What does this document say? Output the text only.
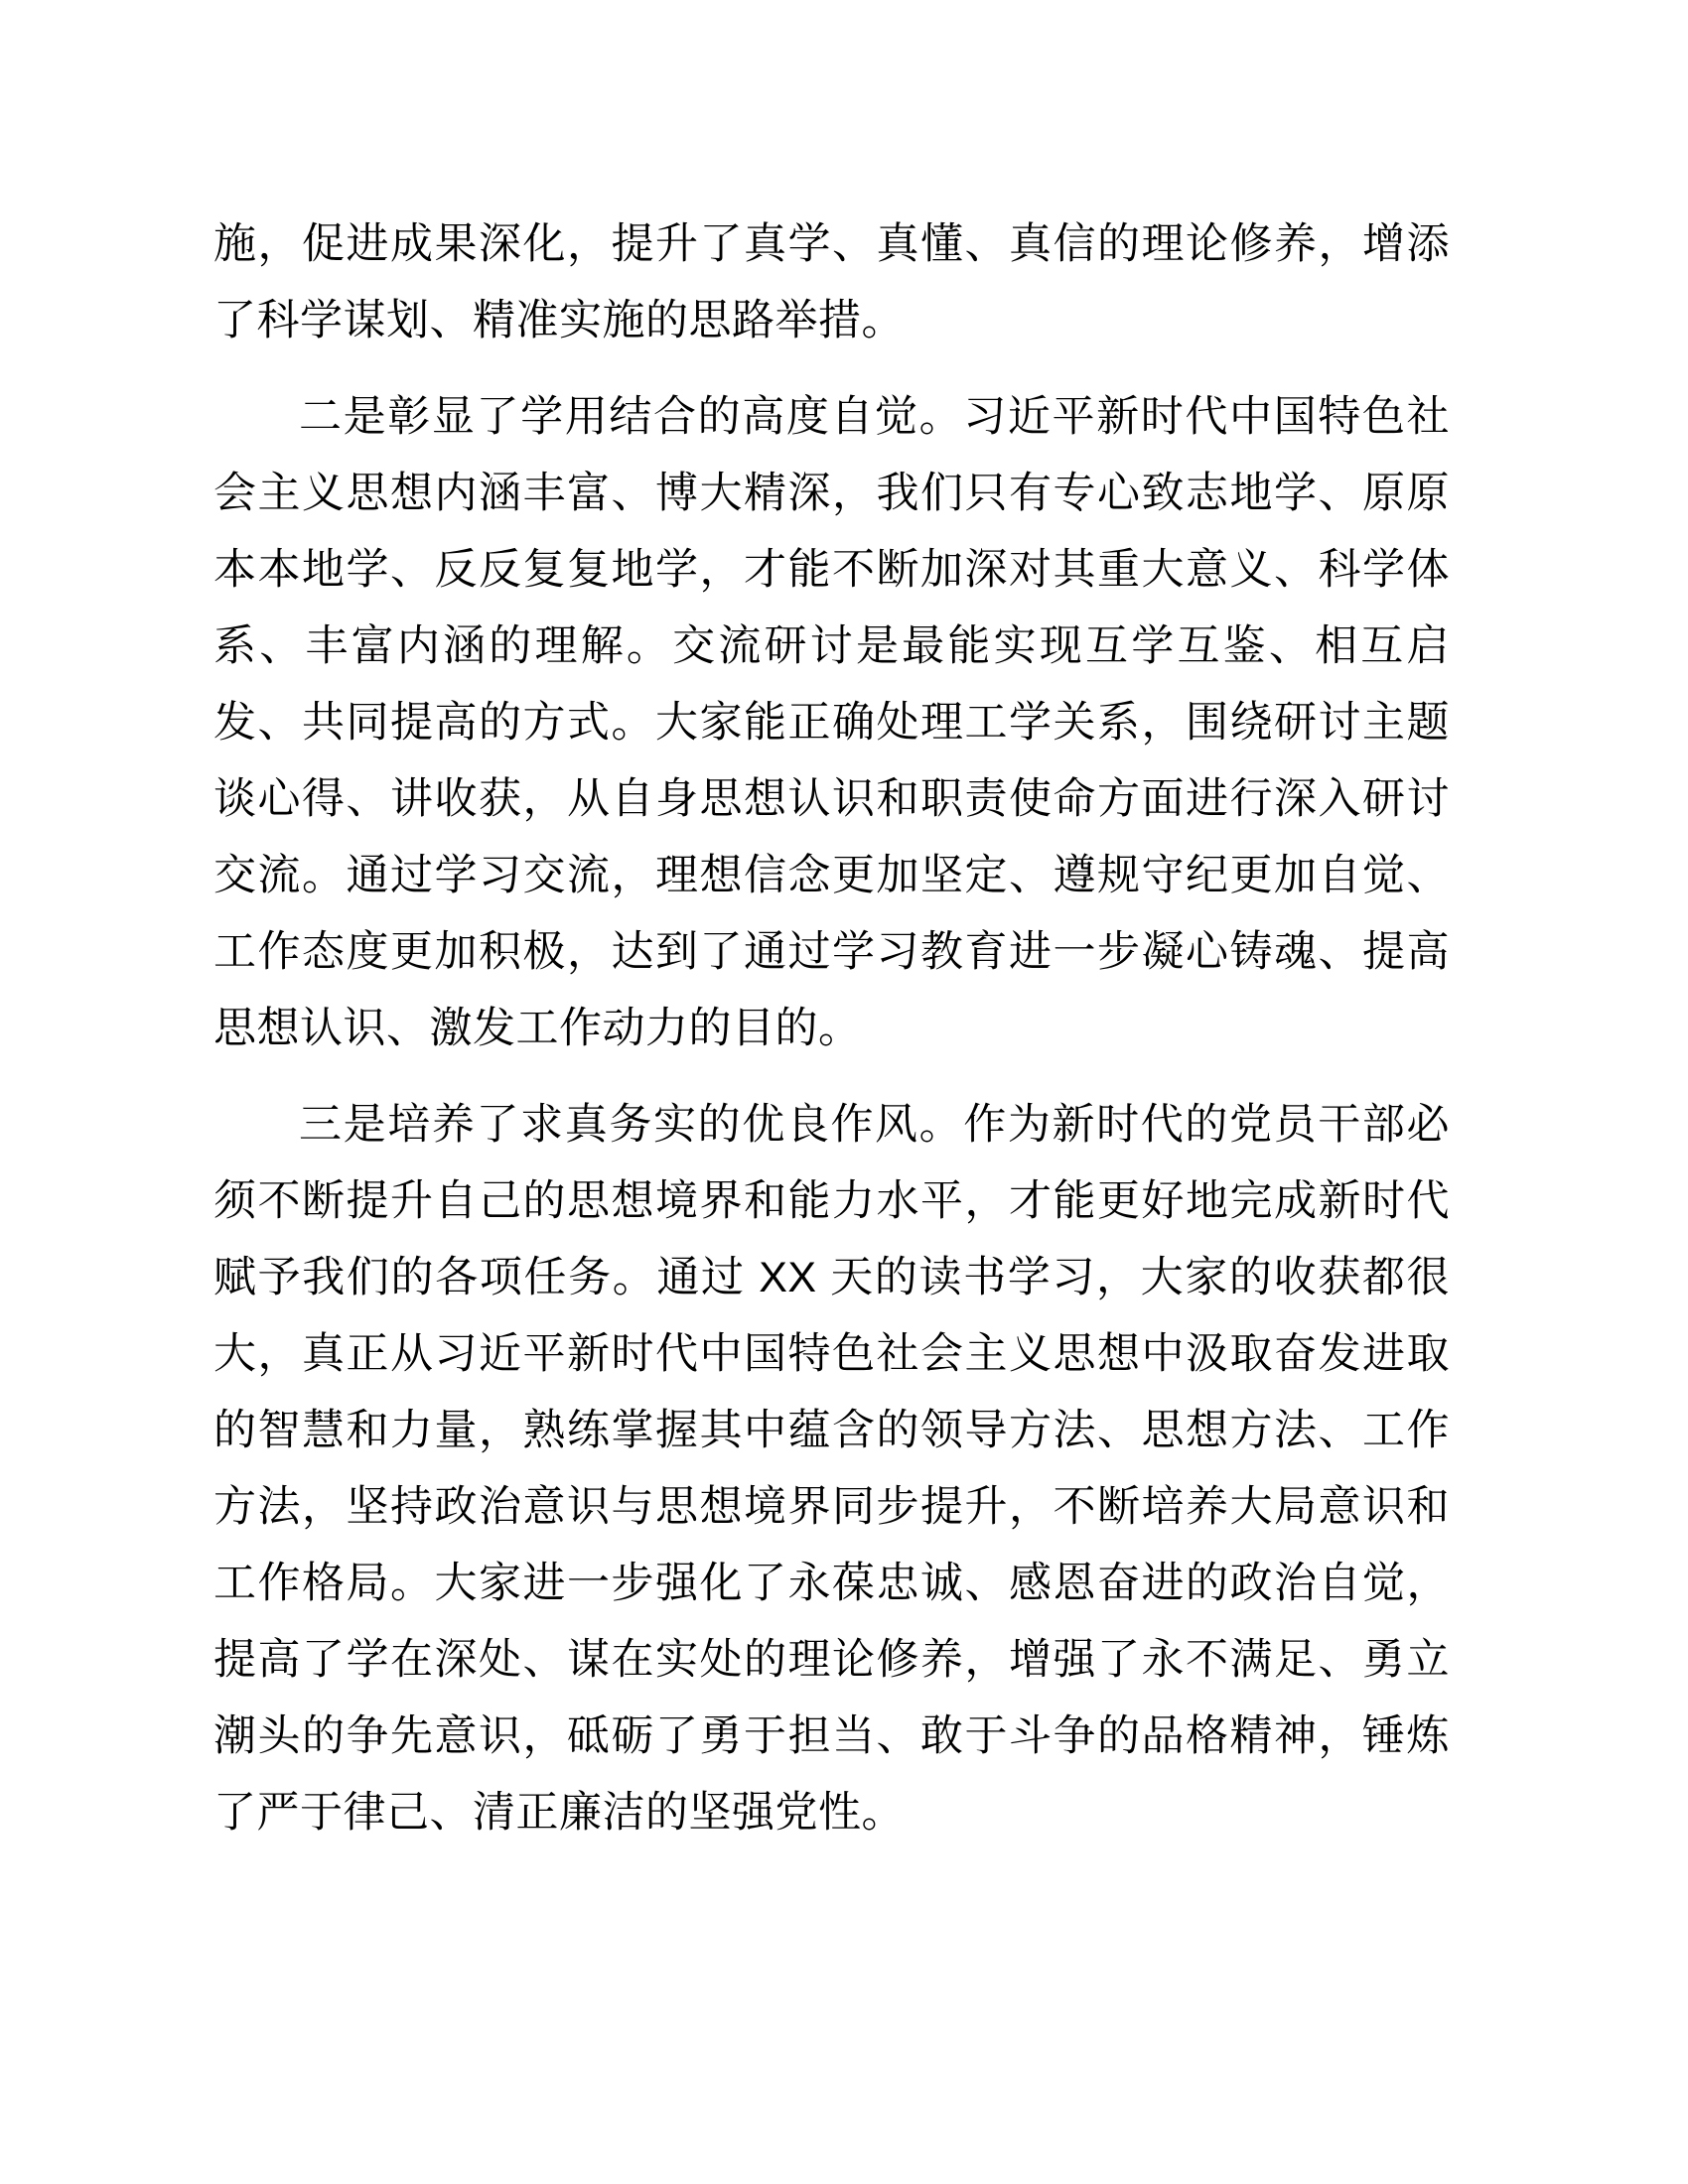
施，促进成果深化，提升了真学、真懂、真信的理论修养，增添了科学谋划、精准实施的思路举措。

二是彰显了学用结合的高度自觉。习近平新时代中国特色社会主义思想内涵丰富、博大精深，我们只有专心致志地学、原原本本地学、反反复复地学，才能不断加深对其重大意义、科学体系、丰富内涵的理解。交流研讨是最能实现互学互鉴、相互启发、共同提高的方式。大家能正确处理工学关系，围绕研讨主题谈心得、讲收获，从自身思想认识和职责使命方面进行深入研讨交流。通过学习交流，理想信念更加坚定、遵规守纪更加自觉、工作态度更加积极，达到了通过学习教育进一步凝心铸魂、提高思想认识、激发工作动力的目的。

三是培养了求真务实的优良作风。作为新时代的党员干部必须不断提升自己的思想境界和能力水平，才能更好地完成新时代赋予我们的各项任务。通过 XX 天的读书学习，大家的收获都很大，真正从习近平新时代中国特色社会主义思想中汲取奋发进取的智慧和力量，熟练掌握其中蕴含的领导方法、思想方法、工作方法，坚持政治意识与思想境界同步提升，不断培养大局意识和工作格局。大家进一步强化了永葆忠诚、感恩奋进的政治自觉，提高了学在深处、谋在实处的理论修养，增强了永不满足、勇立潮头的争先意识，砥砺了勇于担当、敢于斗争的品格精神，锤炼了严于律己、清正廉洁的坚强党性。
